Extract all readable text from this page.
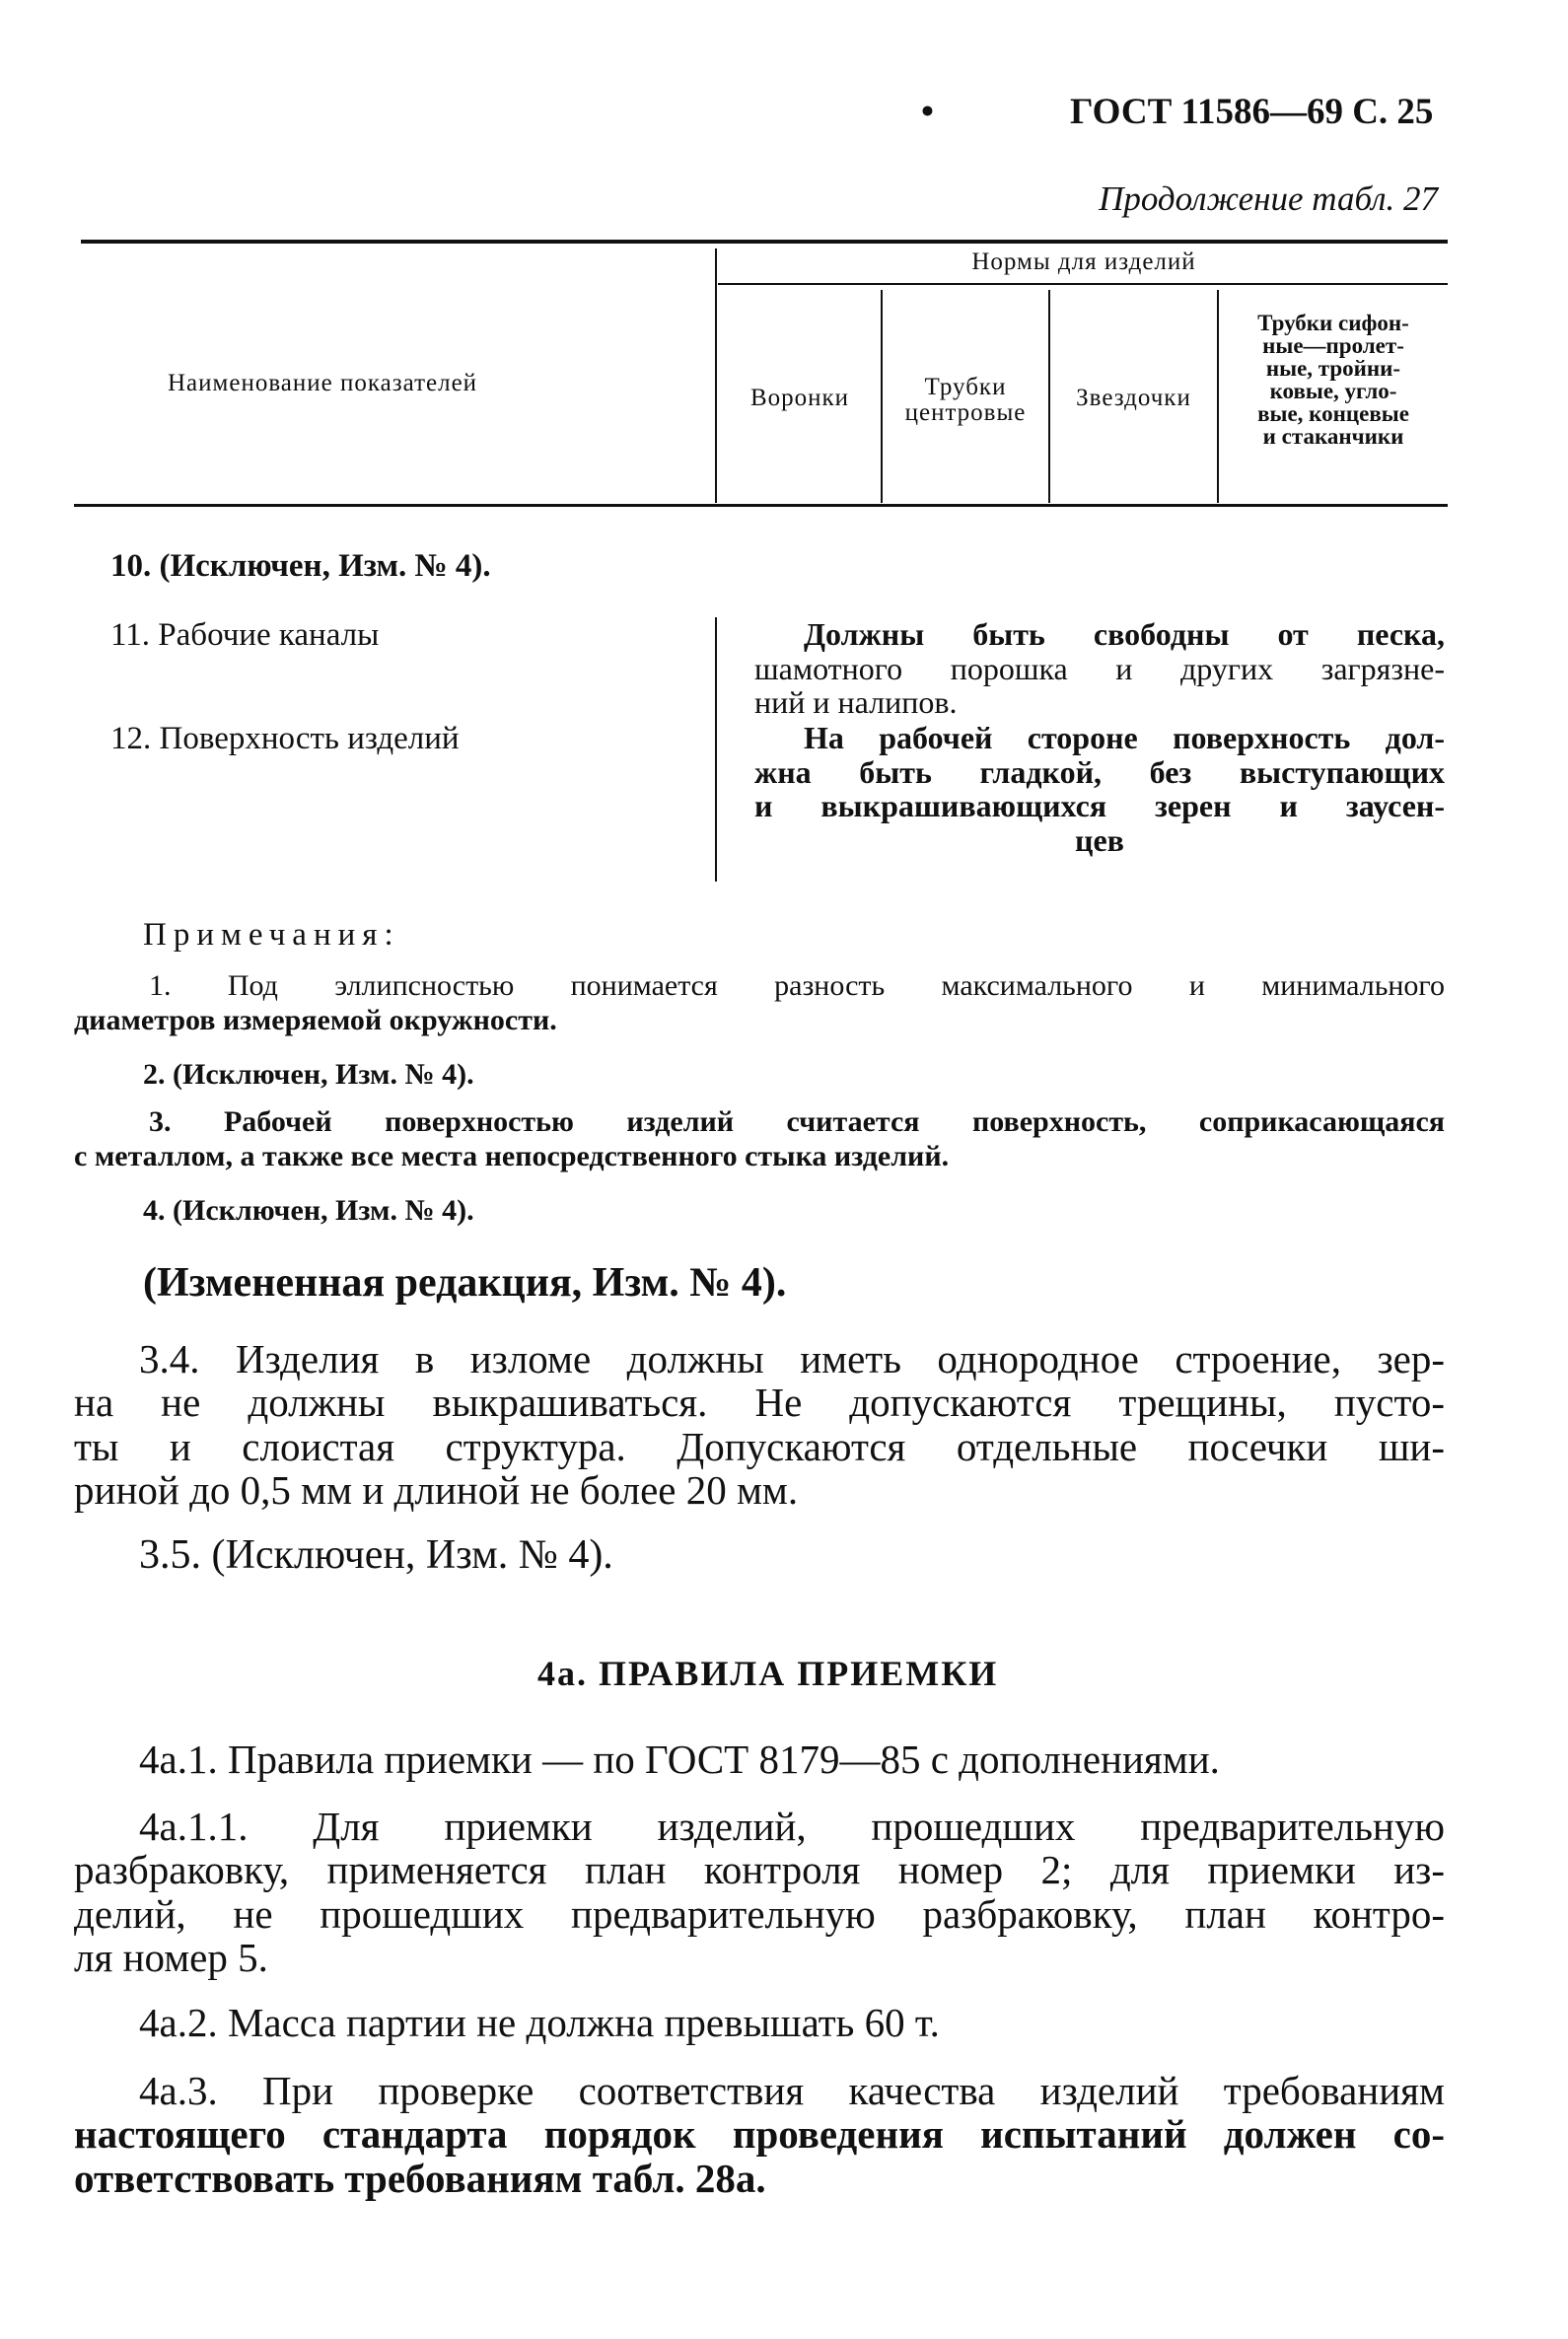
•	ГОСТ 11586—69 С. 25
Продолжение табл. 27
Наименование показателей
Нормы для изделий
Воронки	Трубки
центровые
Звездочки
Трубки сифон-
ные—пролет-
ные, тройни-
ковые, угло-
вые, концевые
и стаканчики
10. (Исключен, Изм. № 4).
11. Рабочие каналы
12. Поверхность изделий
Должны быть свободны от песка,
шамотного порошка и других загрязне-
ний и налипов.
На рабочей стороне поверхность дол-
жна быть гладкой, без выступающих
и выкрашивающихся зерен и заусен-
цев
Примечания:
1. Под эллипсностью понимается разность максимального и минимального
диаметров измеряемой окружности.
2. (Исключен, Изм. № 4).
3. Рабочей поверхностью изделий считается поверхность, соприкасающаяся
с металлом, а также все места непосредственного стыка изделий.
4. (Исключен, Изм. № 4).
(Измененная редакция, Изм. № 4).
3.4. Изделия в изломе должны иметь однородное строение, зер-
на не должны выкрашиваться. Не допускаются трещины, пусто-
ты и слоистая структура. Допускаются отдельные посечки ши-
риной до 0,5 мм и длиной не более 20 мм.
3.5. (Исключен, Изм. № 4).
4а. ПРАВИЛА ПРИЕМКИ
4а.1. Правила приемки — по ГОСТ 8179—85 с дополнениями.
4а.1.1. Для приемки изделий, прошедших предварительную
разбраковку, применяется план контроля номер 2; для приемки из-
делий, не прошедших предварительную разбраковку, план контро-
ля номер 5.
4а.2. Масса партии не должна превышать 60 т.
4а.3. При проверке соответствия качества изделий требованиям
настоящего стандарта порядок проведения испытаний должен со-
ответствовать требованиям табл. 28а.
